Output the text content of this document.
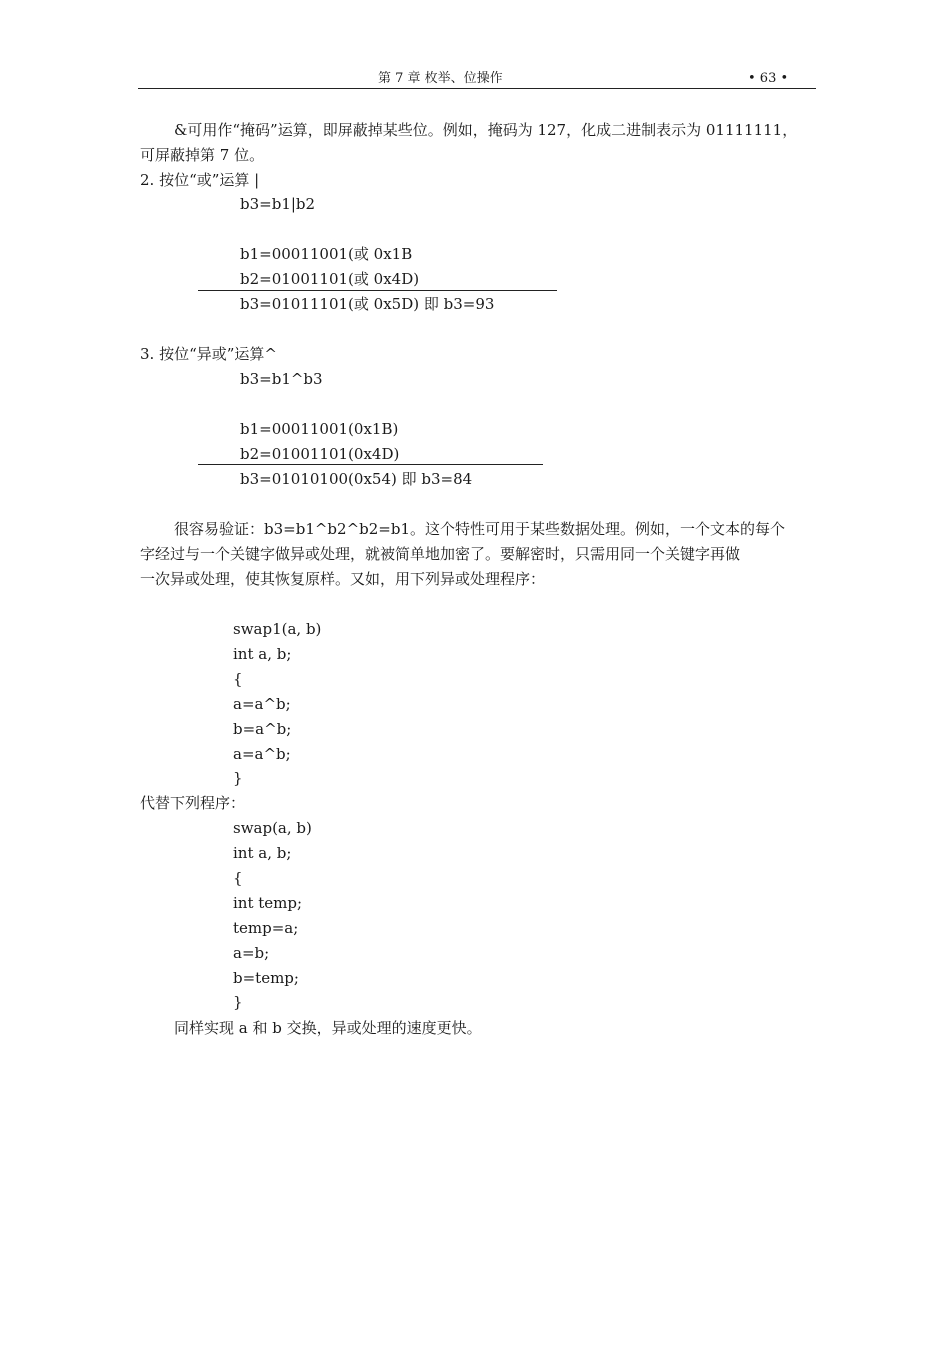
第 7 章 枚举、位操作	• 63 •
&可用作“掩码”运算，即屏蔽掉某些位。例如，掩码为 127，化成二进制表示为 01111111，
可屏蔽掉第 7 位。
2. 按位“或”运算 |
b3=b1|b2
b1=00011001(或 0x1B
b2=01001101(或 0x4D)
b3=01011101(或 0x5D) 即 b3=93
3. 按位“异或”运算^
b3=b1^b3
b1=00011001(0x1B)
b2=01001101(0x4D)
b3=01010100(0x54) 即 b3=84
很容易验证：b3=b1^b2^b2=b1。这个特性可用于某些数据处理。例如，一个文本的每个
字经过与一个关键字做异或处理，就被简单地加密了。要解密时，只需用同一个关键字再做
一次异或处理，使其恢复原样。又如，用下列异或处理程序：
swap1(a, b)
int a, b;
{
a=a^b;
b=a^b;
a=a^b;
}
代替下列程序：
swap(a, b)
int a, b;
{
int temp;
temp=a;
a=b;
b=temp;
}
同样实现 a 和 b 交换，异或处理的速度更快。
